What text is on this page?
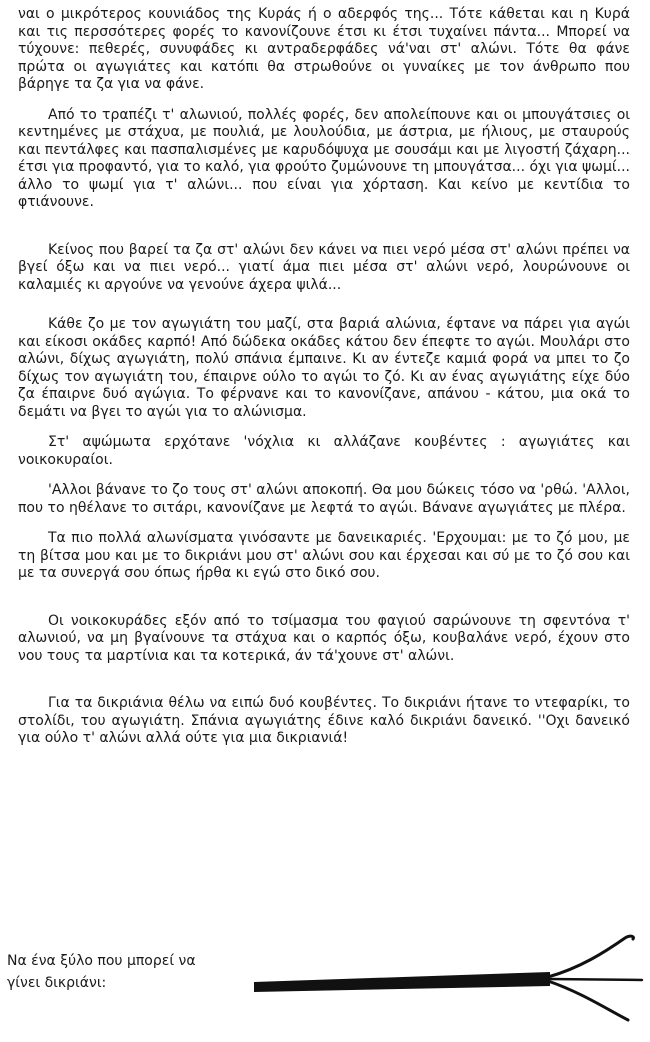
ναι ο μικρότερος κουνιάδος της Κυράς ή ο αδερφός της... Τότε κάθεται και η Κυρά και τις περσσότερες φορές το κανονίζουνε έτσι κι έτσι τυχαίνει πάντα... Μπορεί να τύχουνε: πεθερές, συνυφάδες κι αντραδερφάδες νά'ναι στ' αλώνι. Τότε θα φάνε πρώτα οι αγωγιάτες και κατόπι θα στρωθούνε οι γυναίκες με τον άνθρωπο που βάρηγε τα ζα για να φάνε.

Από το τραπέζι τ' αλωνιού, πολλές φορές, δεν απολείπουνε και οι μπουγάτσιες οι κεντημένες με στάχυα, με πουλιά, με λουλούδια, με άστρια, με ήλιους, με σταυρούς και πεντάλφες και πασπαλισμένες με καρυδόψυχα με σουσάμι και με λιγοστή ζάχαρη... έτσι για προφαντό, για το καλό, για φρούτο ζυμώνουνε τη μπουγάτσα... όχι για ψωμί... άλλο το ψωμί για τ' αλώνι... που είναι για χόρταση. Και κείνο με κεντίδια το φτιάνουνε.

Κείνος που βαρεί τα ζα στ' αλώνι δεν κάνει να πιει νερό μέσα στ' αλώνι πρέπει να βγεί όξω και να πιει νερό... γιατί άμα πιει μέσα στ' αλώνι νερό, λουρώνουνε οι καλαμιές κι αργούνε να γενούνε άχερα ψιλά...

Κάθε ζο με τον αγωγιάτη του μαζί, στα βαριά αλώνια, έφτανε να πάρει για αγώι και είκοσι οκάδες καρπό! Από δώδεκα οκάδες κάτου δεν έπεφτε το αγώι. Μουλάρι στο αλώνι, δίχως αγωγιάτη, πολύ σπάνια έμπαινε. Κι αν έντεζε καμιά φορά να μπει το ζο δίχως τον αγωγιάτη του, έπαιρνε ούλο το αγώι το ζό. Κι αν ένας αγωγιάτης είχε δύο ζα έπαιρνε δυό αγώγια. Το φέρνανε και το κανονίζανε, απάνου - κάτου, μια οκά το δεμάτι να βγει το αγώι για το αλώνισμα.

Στ' αψώμωτα ερχότανε 'νόχλια κι αλλάζανε κουβέντες : αγωγιάτες και νοικοκυραίοι.

'Αλλοι βάνανε το ζο τους στ' αλώνι αποκοπή. Θα μου δώκεις τόσο να 'ρθώ. 'Αλλοι, που το ηθέλανε το σιτάρι, κανονίζανε με λεφτά το αγώι. Βάνανε αγωγιάτες με πλέρα.

Τα πιο πολλά αλωνίσματα γινόσαντε με δανεικαριές. 'Ερχουμαι: με το ζό μου, με τη βίτσα μου και με το δικριάνι μου στ' αλώνι σου και έρχεσαι και σύ με το ζό σου και με τα συνεργά σου όπως ήρθα κι εγώ στο δικό σου.

Οι νοικοκυράδες εξόν από το τσίμασμα του φαγιού σαρώνουνε τη σφεντόνα τ' αλωνιού, να μη βγαίνουνε τα στάχυα και ο καρπός όξω, κουβαλάνε νερό, έχουν στο νου τους τα μαρτίνια και τα κοτερικά, άν τά'χουνε στ' αλώνι.

Για τα δικριάνια θέλω να ειπώ δυό κουβέντες. Το δικριάνι ήτανε το ντεφαρίκι, το στολίδι, του αγωγιάτη. Σπάνια αγωγιάτης έδινε καλό δικριάνι δανεικό. ''Οχι δανεικό για ούλο τ' αλώνι αλλά ούτε για μια δικριανιά!

Να ένα ξύλο που μπορεί να
γίνει δικριάνι:
